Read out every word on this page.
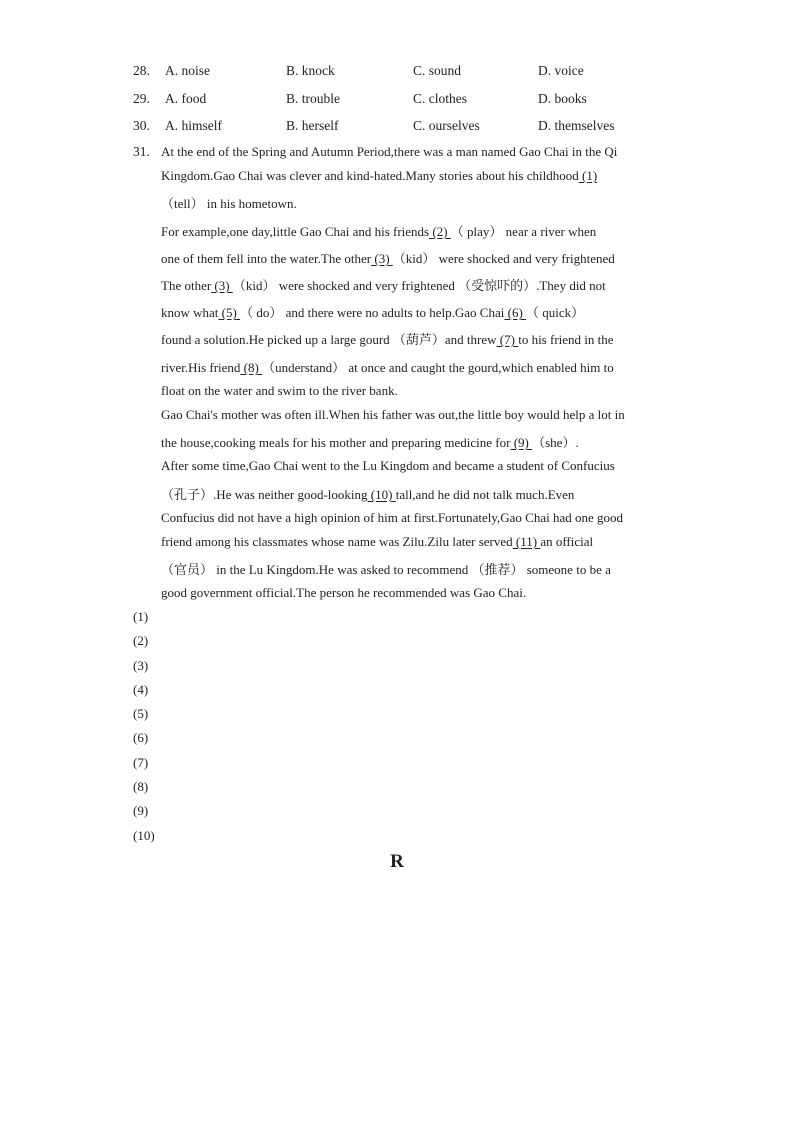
28. A. noise	B. knock	C. sound	D. voice
29. A. food	B. trouble	C. clothes	D. books
30. A. himself	B. herself	C. ourselves	D. themselves
31. At the end of the Spring and Autumn Period,there was a man named Gao Chai in the Qi
Kingdom.Gao Chai was clever and kind-hated.Many stories about his childhood (1)
（tell） in his hometown.
For example,one day,little Gao Chai and his friends (2) （ play） near a river when
one of them fell into the water.The other (3) （kid） were shocked and very frightened
The other (3) （kid） were shocked and very frightened （受惊吓的）.They did not
know what (5) （ do） and there were no adults to help.Gao Chai (6) （ quick）
found a solution.He picked up a large gourd （葫芦）and threw (7) to his friend in the
river.His friend (8) （understand） at once and caught the gourd,which enabled him to
float on the water and swim to the river bank.
Gao Chai's mother was often ill.When his father was out,the little boy would help a lot in
the house,cooking meals for his mother and preparing medicine for (9) （she）.
After some time,Gao Chai went to the Lu Kingdom and became a student of Confucius
（孔子）.He was neither good-looking (10) tall,and he did not talk much.Even
Confucius did not have a high opinion of him at first.Fortunately,Gao Chai had one good
friend among his classmates whose name was Zilu.Zilu later served (11) an official
（官员） in the Lu Kingdom.He was asked to recommend （推荐） someone to be a
good government official.The person he recommended was Gao Chai.
(1)
(2)
(3)
(4)
(5)
(6)
(7)
(8)
(9)
(10)
R
